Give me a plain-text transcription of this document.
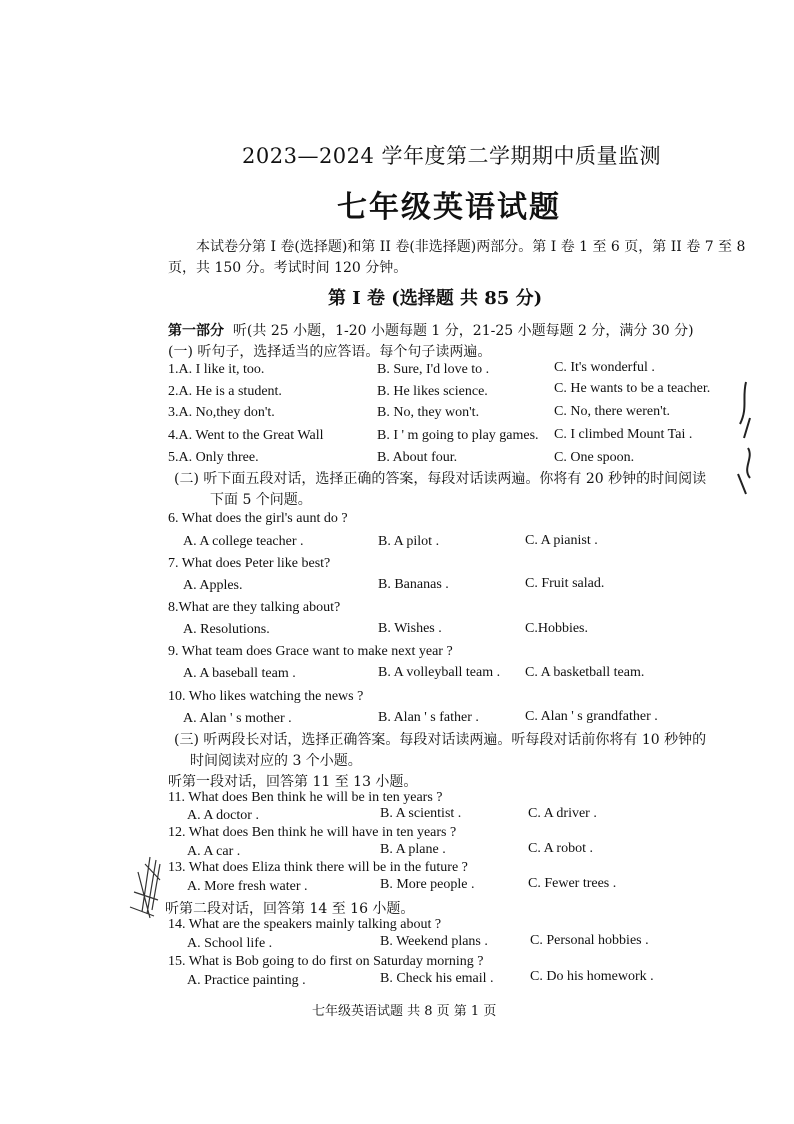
2023—2024 学年度第二学期期中质量监测
七年级英语试题
本试卷分第 I 卷(选择题)和第 II 卷(非选择题)两部分。第 I 卷 1 至 6 页，第 II 卷 7 至 8
页，共 150 分。考试时间 120 分钟。
第 I 卷 (选择题 共 85 分)
第一部分 听(共 25 小题，1-20 小题每题 1 分，21-25 小题每题 2 分，满分 30 分)
(一) 听句子，选择适当的应答语。每个句子读两遍。
1.A. I like it, too.	B. Sure, I'd love to .	C. It's wonderful .
2.A. He is a student.	B. He likes science.	C. He wants to be a teacher.
3.A. No,they don't.	B. No, they won't.	C. No, there weren't.
4.A. Went to the Great Wall	B. I ' m going to play games. C. I climbed Mount Tai .
5.A. Only three.	B. About four.	C. One spoon.
(二) 听下面五段对话，选择正确的答案，每段对话读两遍。你将有 20 秒钟的时间阅读
下面 5 个问题。
6. What does the girl's aunt do ?
A. A college teacher .	B. A pilot .	C. A pianist .
7. What does Peter like best?
A. Apples.	B. Bananas .	C. Fruit salad.
8.What are they talking about?
A. Resolutions.	B. Wishes .	C.Hobbies.
9. What team does Grace want to make next year ?
A. A baseball team .	B. A volleyball team . C. A basketball team.
10. Who likes watching the news ?
A. Alan ' s mother .	B. Alan ' s father .	C. Alan ' s grandfather .
(三) 听两段长对话，选择正确答案。每段对话读两遍。听每段对话前你将有 10 秒钟的
时间阅读对应的 3 个小题。
听第一段对话，回答第 11 至 13 小题。
11. What does Ben think he will be in ten years ?
A. A doctor .	B. A scientist .	C. A driver .
12. What does Ben think he will have in ten years ?
A. A car .	B. A plane .	C. A robot .
13. What does Eliza think there will be in the future ?
A. More fresh water .	B. More people .	C. Fewer trees .
听第二段对话，回答第 14 至 16 小题。
14. What are the speakers mainly talking about ?
A. School life .	B. Weekend plans .	C. Personal hobbies .
15. What is Bob going to do first on Saturday morning ?
A. Practice painting .	B. Check his email .	C. Do his homework .
七年级英语试题 共 8 页 第 1 页
